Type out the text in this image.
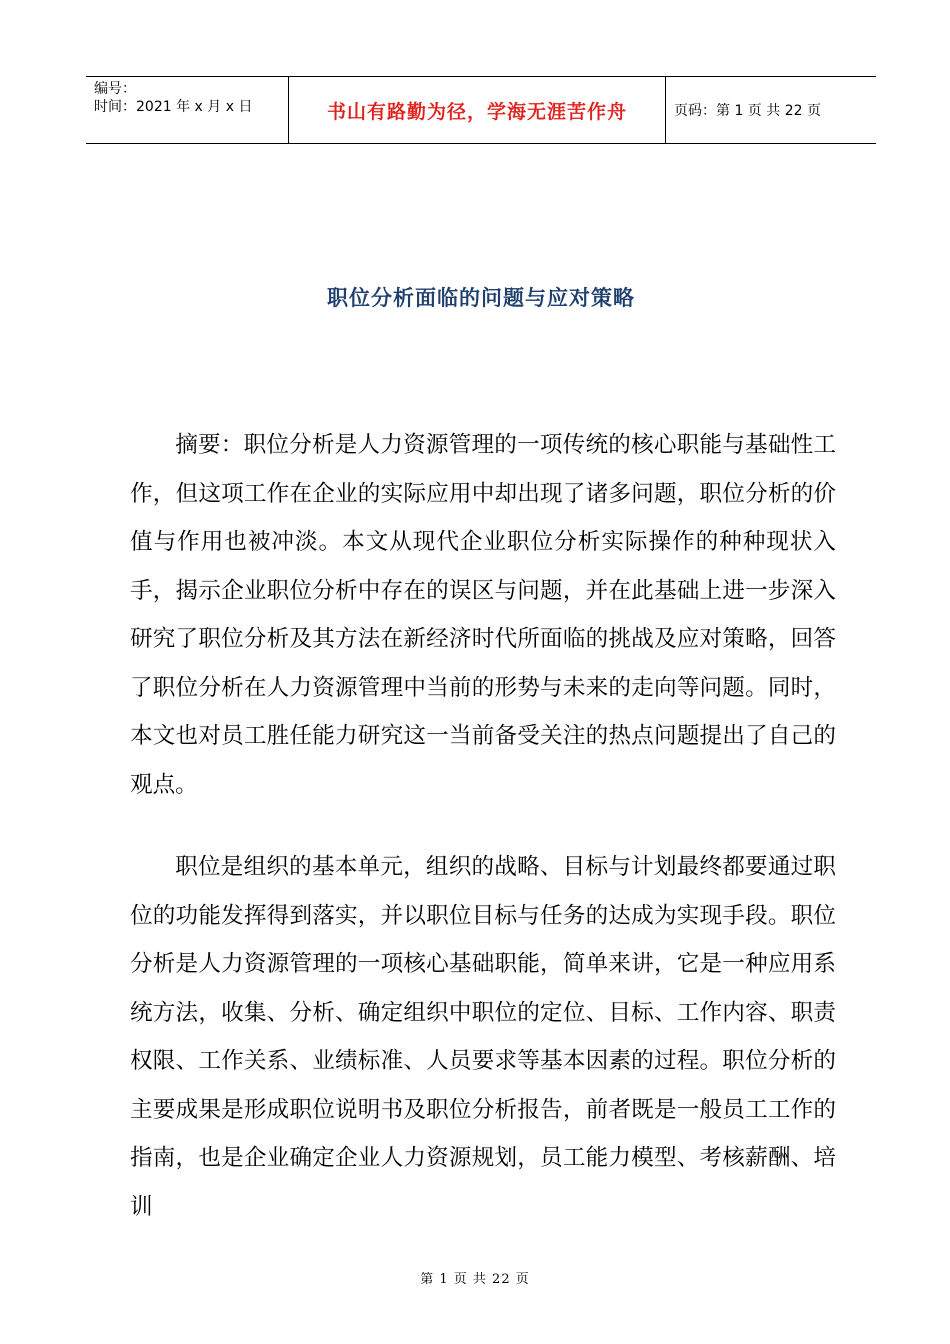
编号：
时间：2021 年 x 月 x 日	书山有路勤为径，学海无涯苦作舟	页码：第 1 页 共 22 页
职位分析面临的问题与应对策略

摘要：职位分析是人力资源管理的一项传统的核心职能与基础性工作，但这项工作在企业的实际应用中却出现了诸多问题，职位分析的价值与作用也被冲淡。本文从现代企业职位分析实际操作的种种现状入手，揭示企业职位分析中存在的误区与问题，并在此基础上进一步深入研究了职位分析及其方法在新经济时代所面临的挑战及应对策略，回答了职位分析在人力资源管理中当前的形势与未来的走向等问题。同时，本文也对员工胜任能力研究这一当前备受关注的热点问题提出了自己的观点。

职位是组织的基本单元，组织的战略、目标与计划最终都要通过职位的功能发挥得到落实，并以职位目标与任务的达成为实现手段。职位分析是人力资源管理的一项核心基础职能，简单来讲，它是一种应用系统方法，收集、分析、确定组织中职位的定位、目标、工作内容、职责权限、工作关系、业绩标准、人员要求等基本因素的过程。职位分析的主要成果是形成职位说明书及职位分析报告，前者既是一般员工工作的指南，也是企业确定企业人力资源规划，员工能力模型、考核薪酬、培训

第 1 页 共 22 页
